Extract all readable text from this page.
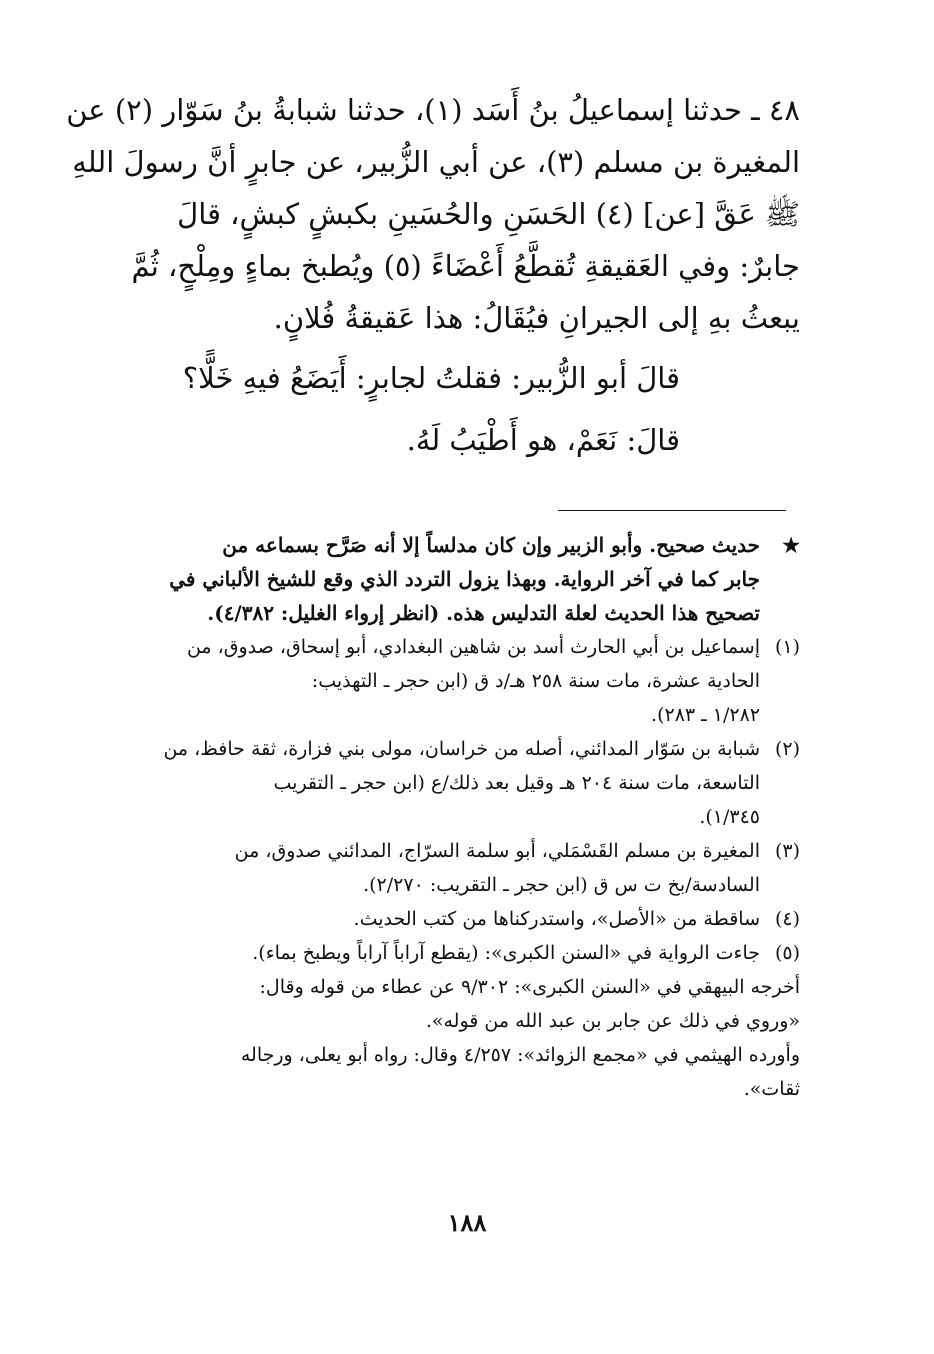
٤٨ ـ حدثنا إسماعيلُ بنُ أَسَد (١)، حدثنا شبابةُ بنُ سَوّار (٢) عن
المغيرة بن مسلم (٣)، عن أبي الزُّبير، عن جابرٍ أنَّ رسولَ اللهِ
ﷺ عَقَّ [عن] (٤) الحَسَنِ والحُسَينِ بكبشٍ كبشٍ، قالَ
جابرٌ: وفي العَقيقةِ تُقطَّعُ أَعْضَاءً (٥) ويُطبخ بماءٍ ومِلْحٍ، ثُمَّ
يبعثُ بهِ إلى الجيرانِ فيُقَالُ: هذا عَقيقةُ فُلانٍ.

قالَ أبو الزُّبير: فقلتُ لجابرٍ: أَيَضَعُ فيهِ خَلًّا؟
قالَ: نَعَمْ، هو أَطْيَبُ لَهُ.
★

حديث صحيح. وأبو الزبير وإن كان مدلساً إلا أنه صَرَّح بسماعه من
جابر كما في آخر الرواية. وبهذا يزول التردد الذي وقع للشيخ الألباني في
تصحيح هذا الحديث لعلة التدليس هذه. (انظر إرواء الغليل: ٤/٣٨٢).

(١)

إسماعيل بن أبي الحارث أسد بن شاهين البغدادي، أبو إسحاق، صدوق، من
الحادية عشرة، مات سنة ٢٥٨ هـ/د ق (ابن حجر ـ التهذيب:
١/٢٨٢ ـ ٢٨٣).

(٢)

شبابة بن سَوّار المدائني، أصله من خراسان، مولى بني فزارة، ثقة حافظ، من
التاسعة، مات سنة ٢٠٤ هـ وقيل بعد ذلك/ع (ابن حجر ـ التقريب
١/٣٤٥).

(٣)

المغيرة بن مسلم القَسْمَلي، أبو سلمة السرّاج، المدائني صدوق، من
السادسة/بخ ت س ق (ابن حجر ـ التقريب: ٢/٢٧٠).

(٤)

ساقطة من «الأصل»، واستدركناها من كتب الحديث.

(٥)

جاءت الرواية في «السنن الكبرى»: (يقطع آراباً آراباً ويطبخ بماء).

أخرجه البيهقي في «السنن الكبرى»: ٩/٣٠٢ عن عطاء من قوله وقال:
«وروي في ذلك عن جابر بن عبد الله من قوله».

وأورده الهيثمي في «مجمع الزوائد»: ٤/٢٥٧ وقال: رواه أبو يعلى، ورجاله
ثقات».

١٨٨
